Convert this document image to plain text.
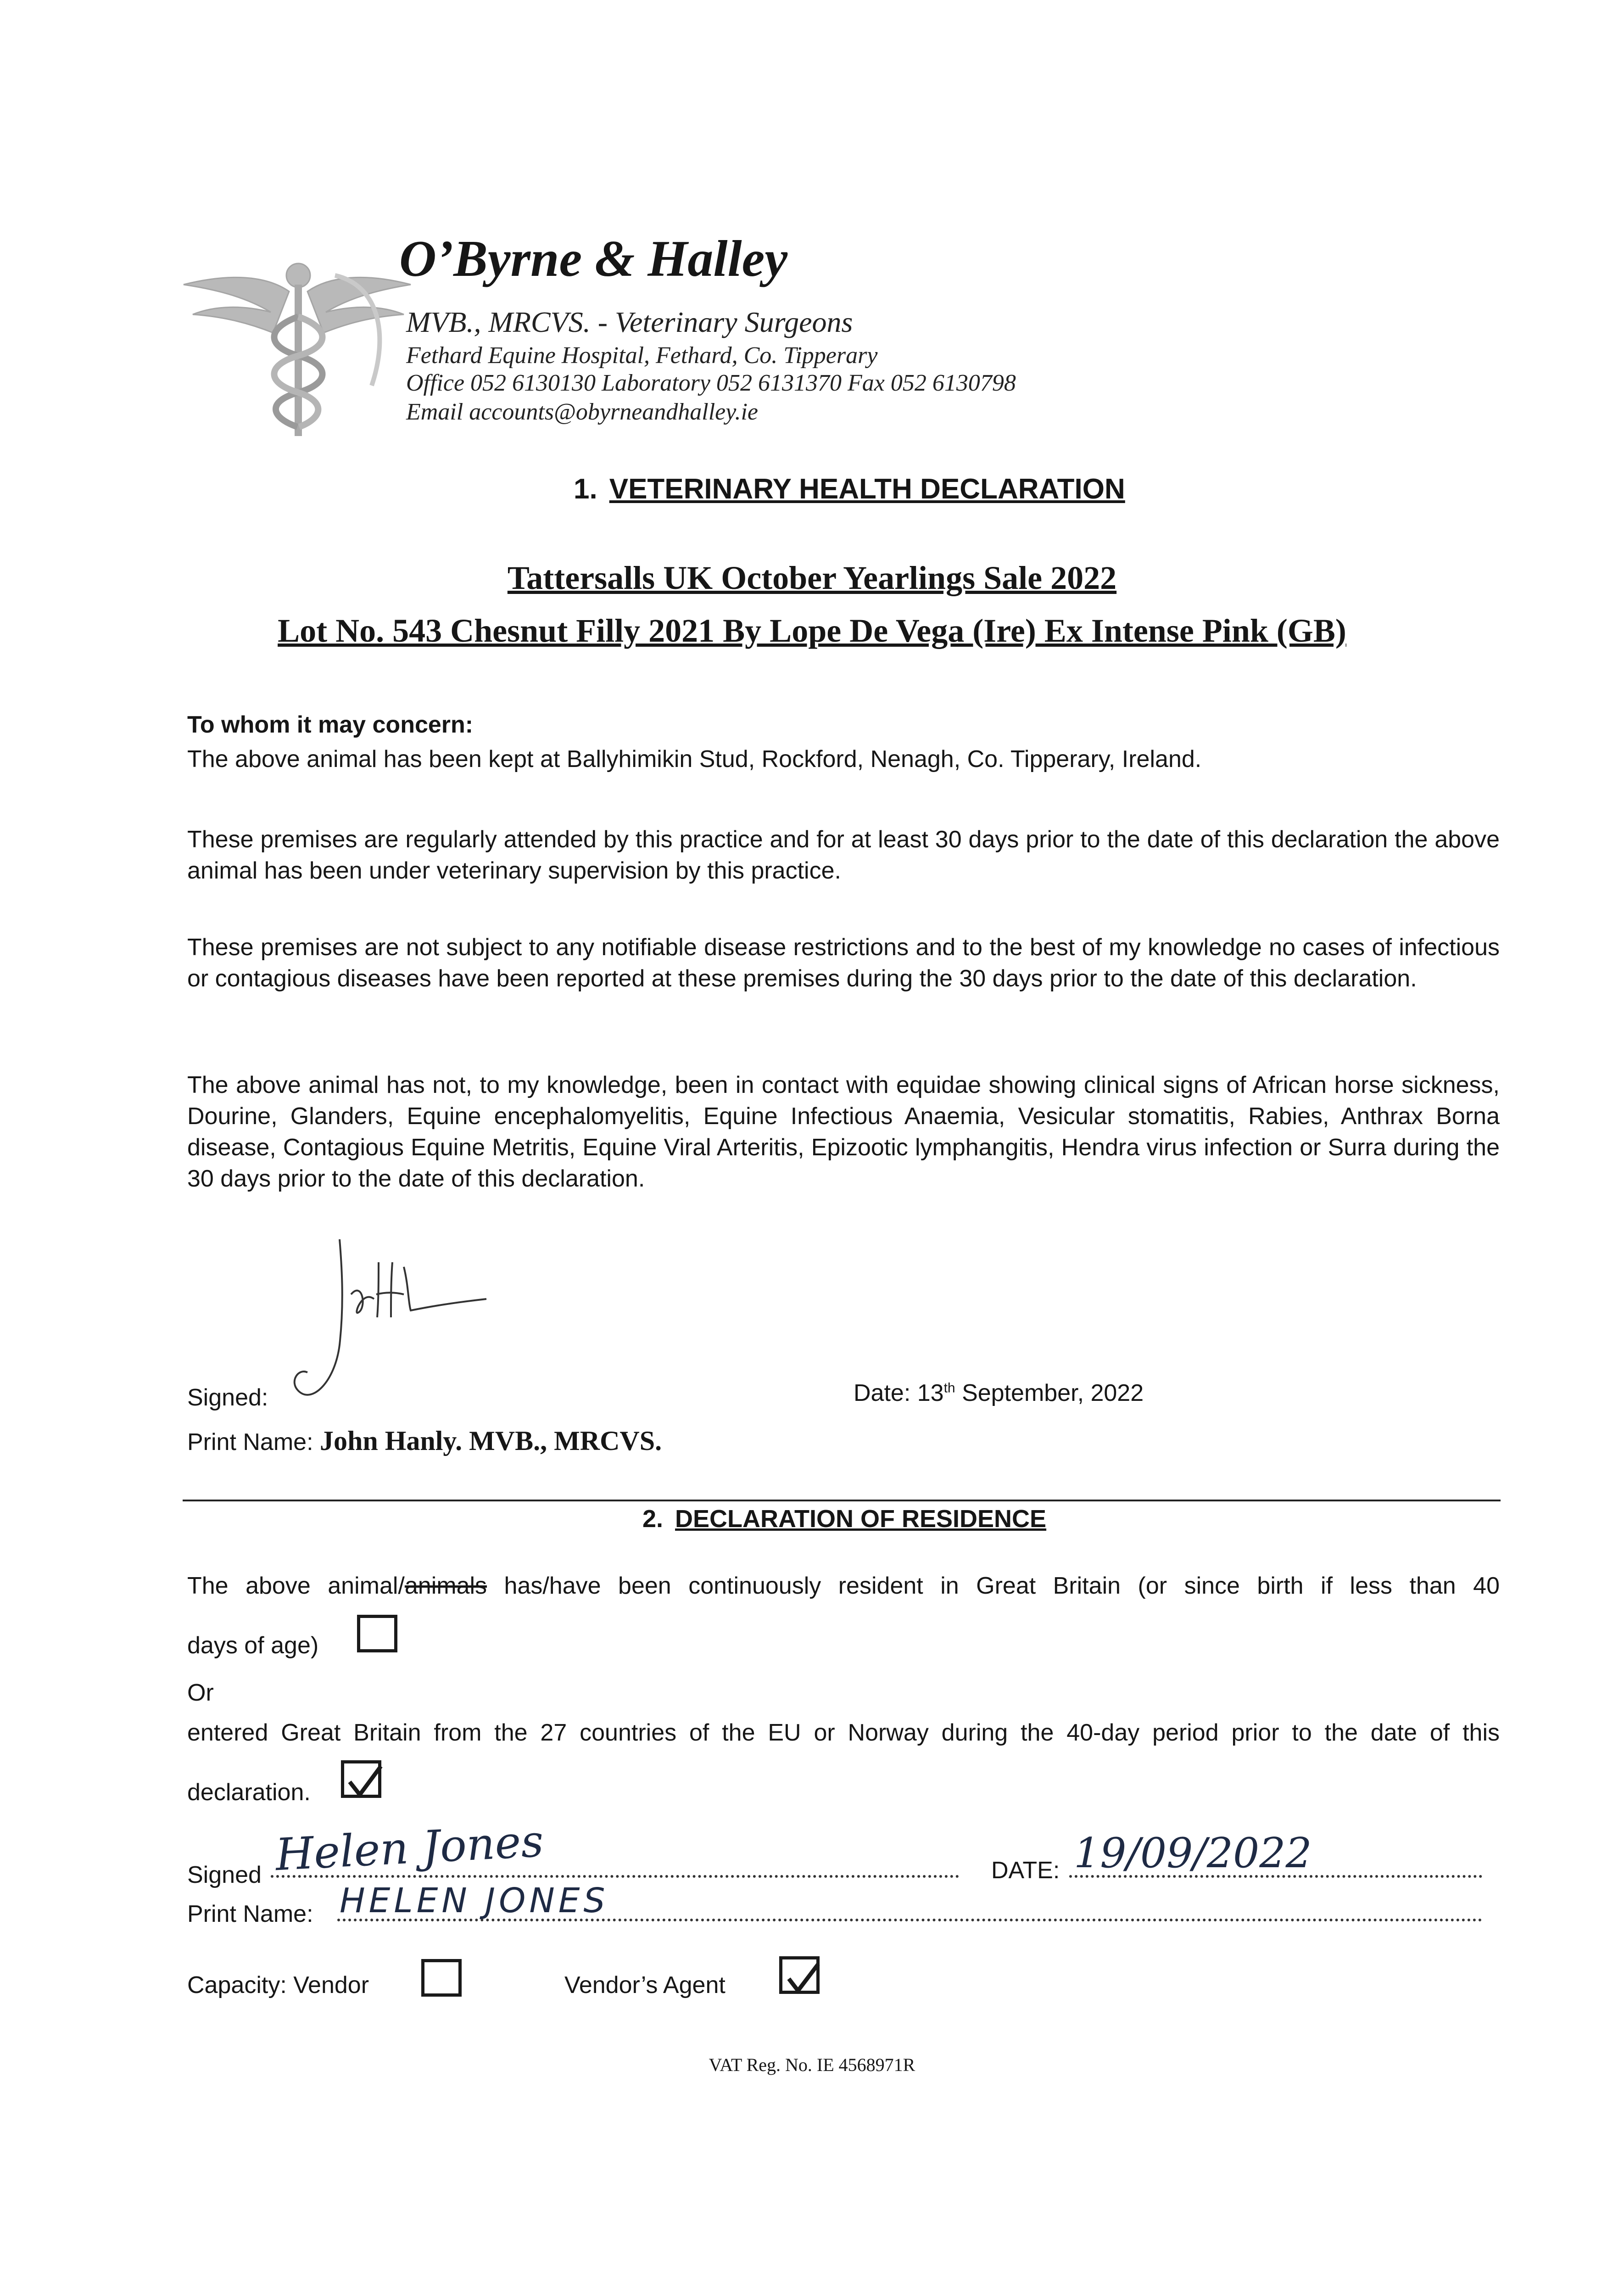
O’Byrne & Halley
MVB., MRCVS. - Veterinary Surgeons
Fethard Equine Hospital, Fethard, Co. Tipperary
Office 052 6130130 Laboratory 052 6131370 Fax 052 6130798
Email accounts@obyrneandhalley.ie
1. VETERINARY HEALTH DECLARATION
Tattersalls UK October Yearlings Sale 2022
Lot No. 543 Chesnut Filly 2021 By Lope De Vega (Ire) Ex Intense Pink (GB)

To whom it may concern:

The above animal has been kept at Ballyhimikin Stud, Rockford, Nenagh, Co. Tipperary, Ireland.

These premises are regularly attended by this practice and for at least 30 days prior to the date of this declaration the above animal has been under veterinary supervision by this practice.

These premises are not subject to any notifiable disease restrictions and to the best of my knowledge no cases of infectious or contagious diseases have been reported at these premises during the 30 days prior to the date of this declaration.

The above animal has not, to my knowledge, been in contact with equidae showing clinical signs of African horse sickness, Dourine, Glanders, Equine encephalomyelitis, Equine Infectious Anaemia, Vesicular stomatitis, Rabies, Anthrax Borna disease, Contagious Equine Metritis, Equine Viral Arteritis, Epizootic lymphangitis, Hendra virus infection or Surra during the 30 days prior to the date of this declaration.

Signed:	Date: 13th September, 2022
Print Name: John Hanly. MVB., MRCVS.
2. DECLARATION OF RESIDENCE
The above animal/animals has/have been continuously resident in Great Britain (or since birth if less than 40
days of age)
Or
entered Great Britain from the 27 countries of the EU or Norway during the 40-day period prior to the date of this
declaration.
Signed Helen Jones	DATE: 19/09/2022
Print Name: HELEN JONES
Capacity: Vendor	Vendor’s Agent
VAT Reg. No. IE 4568971R
